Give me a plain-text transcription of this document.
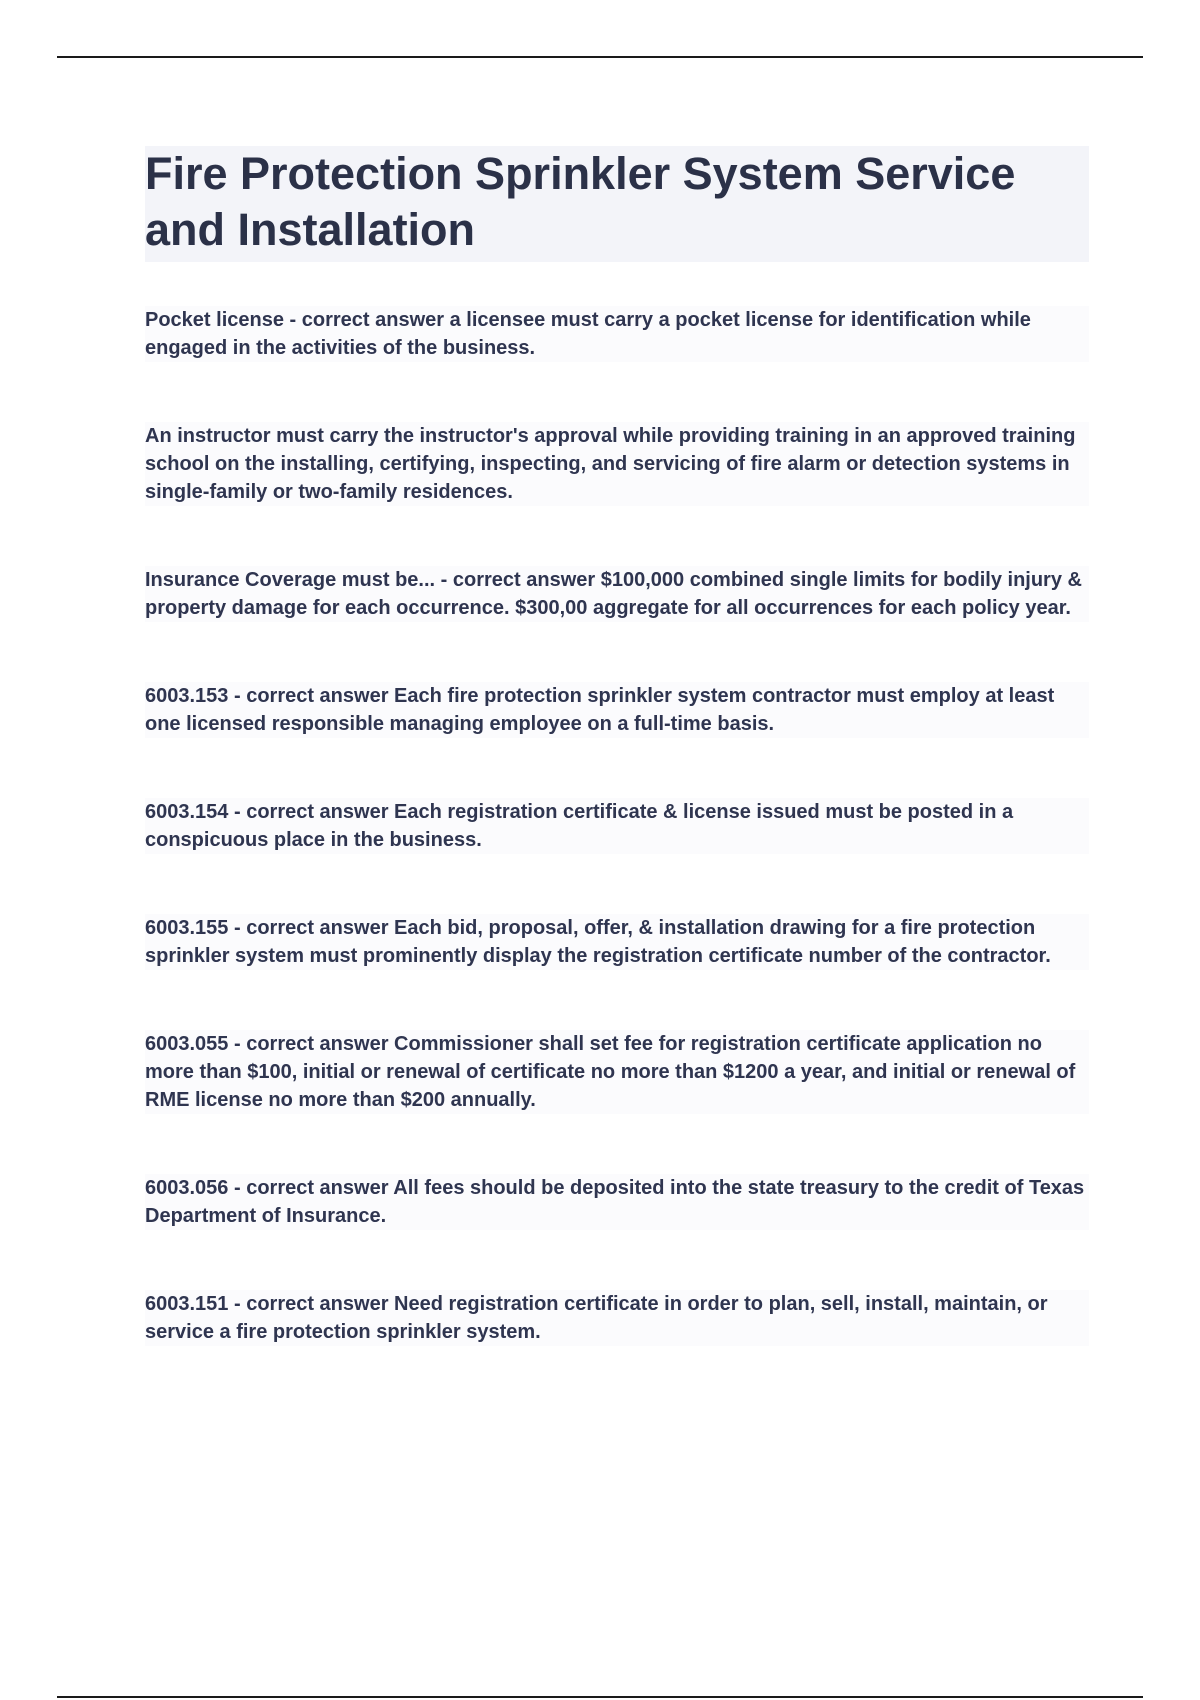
Fire Protection Sprinkler System Service and Installation

Pocket license - correct answer a licensee must carry a pocket license for identification while engaged in the activities of the business.

An instructor must carry the instructor's approval while providing training in an approved training school on the installing, certifying, inspecting, and servicing of fire alarm or detection systems in single-family or two-family residences.

Insurance Coverage must be... - correct answer $100,000 combined single limits for bodily injury & property damage for each occurrence. $300,00 aggregate for all occurrences for each policy year.

6003.153 - correct answer Each fire protection sprinkler system contractor must employ at least one licensed responsible managing employee on a full-time basis.

6003.154 - correct answer Each registration certificate & license issued must be posted in a conspicuous place in the business.

6003.155 - correct answer Each bid, proposal, offer, & installation drawing for a fire protection sprinkler system must prominently display the registration certificate number of the contractor.

6003.055 - correct answer Commissioner shall set fee for registration certificate application no more than $100, initial or renewal of certificate no more than $1200 a year, and initial or renewal of RME license no more than $200 annually.

6003.056 - correct answer All fees should be deposited into the state treasury to the credit of Texas Department of Insurance.

6003.151 - correct answer Need registration certificate in order to plan, sell, install, maintain, or service a fire protection sprinkler system.
